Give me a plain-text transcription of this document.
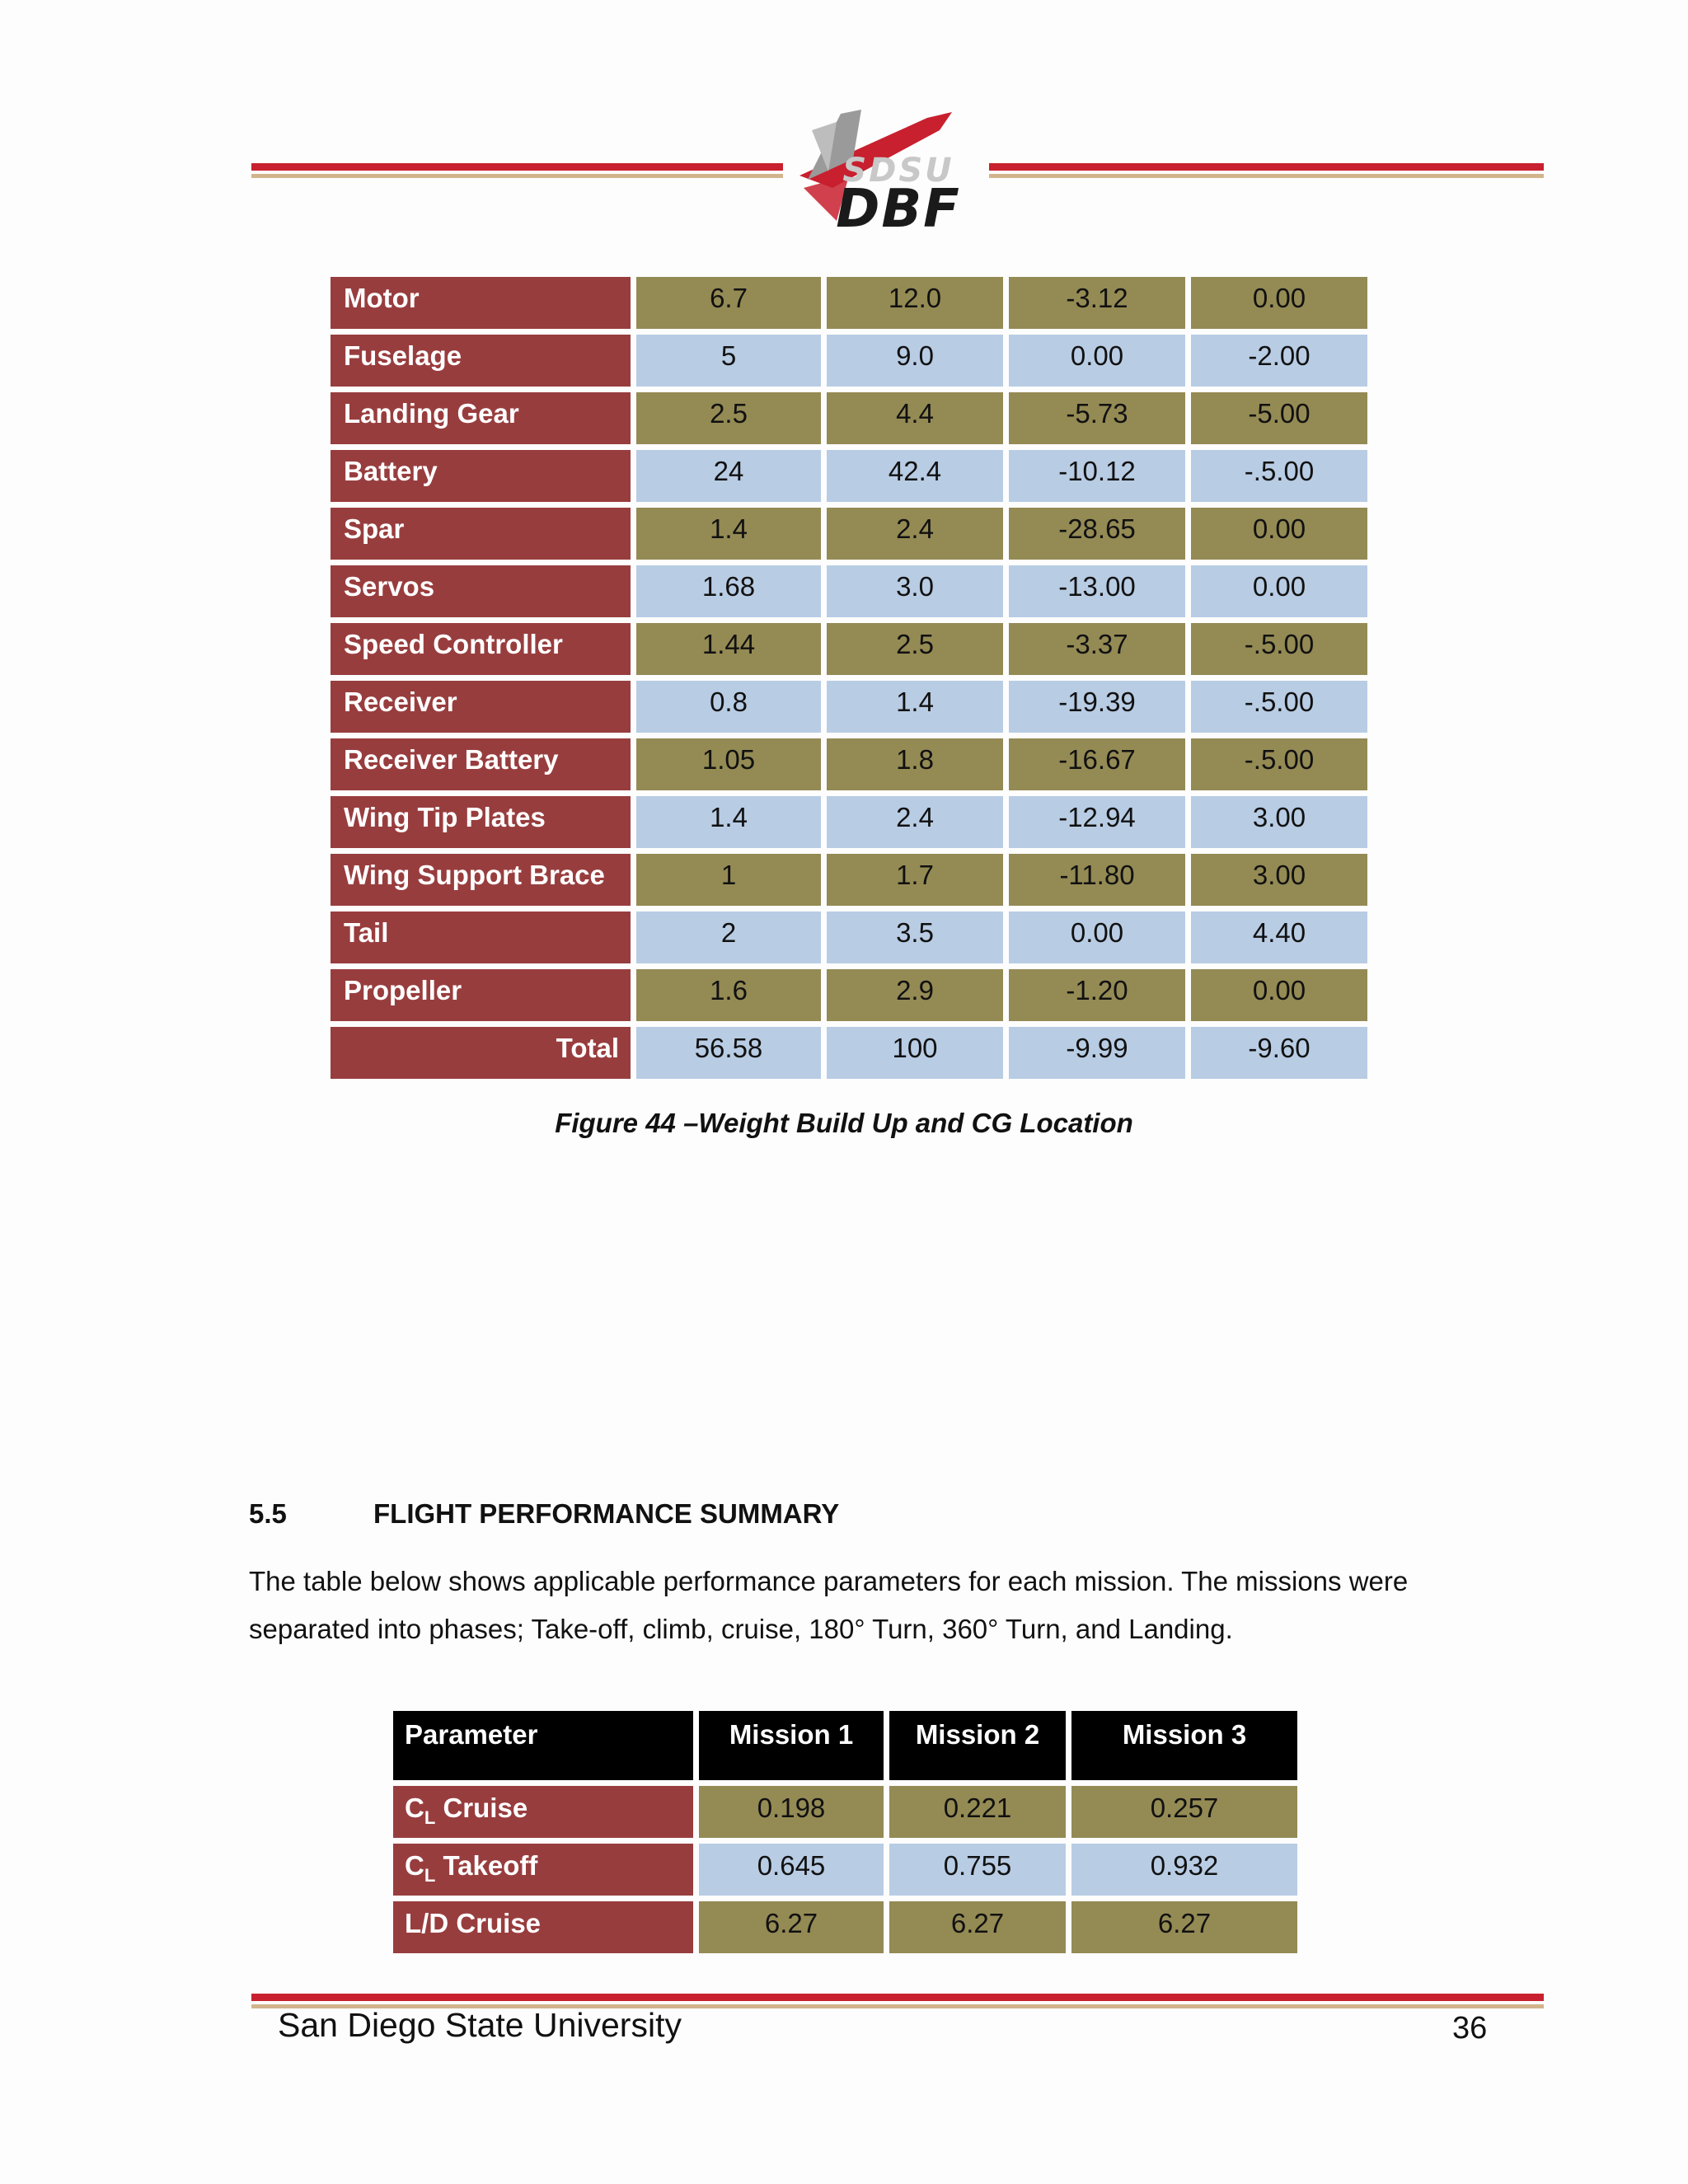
SDSU
DBF
Motor	6.7	12.0	-3.12	0.00
Fuselage	5	9.0	0.00	-2.00
Landing Gear	2.5	4.4	-5.73	-5.00
Battery	24	42.4	-10.12	-.5.00
Spar	1.4	2.4	-28.65	0.00
Servos	1.68	3.0	-13.00	0.00
Speed Controller	1.44	2.5	-3.37	-.5.00
Receiver	0.8	1.4	-19.39	-.5.00
Receiver Battery	1.05	1.8	-16.67	-.5.00
Wing Tip Plates	1.4	2.4	-12.94	3.00
Wing Support Brace	1	1.7	-11.80	3.00
Tail	2	3.5	0.00	4.40
Propeller	1.6	2.9	-1.20	0.00
Total	56.58	100	-9.99	-9.60
Figure 44 –Weight Build Up and CG Location
5.5	FLIGHT PERFORMANCE SUMMARY
The table below shows applicable performance parameters for each mission. The missions were separated into phases; Take-off, climb, cruise, 180° Turn, 360° Turn, and Landing.
Parameter	Mission 1	Mission 2	Mission 3
$C_L$ Cruise	0.198	0.221	0.257
$C_L$ Takeoff	0.645	0.755	0.932
L/D Cruise	6.27	6.27	6.27
San Diego State University	36
